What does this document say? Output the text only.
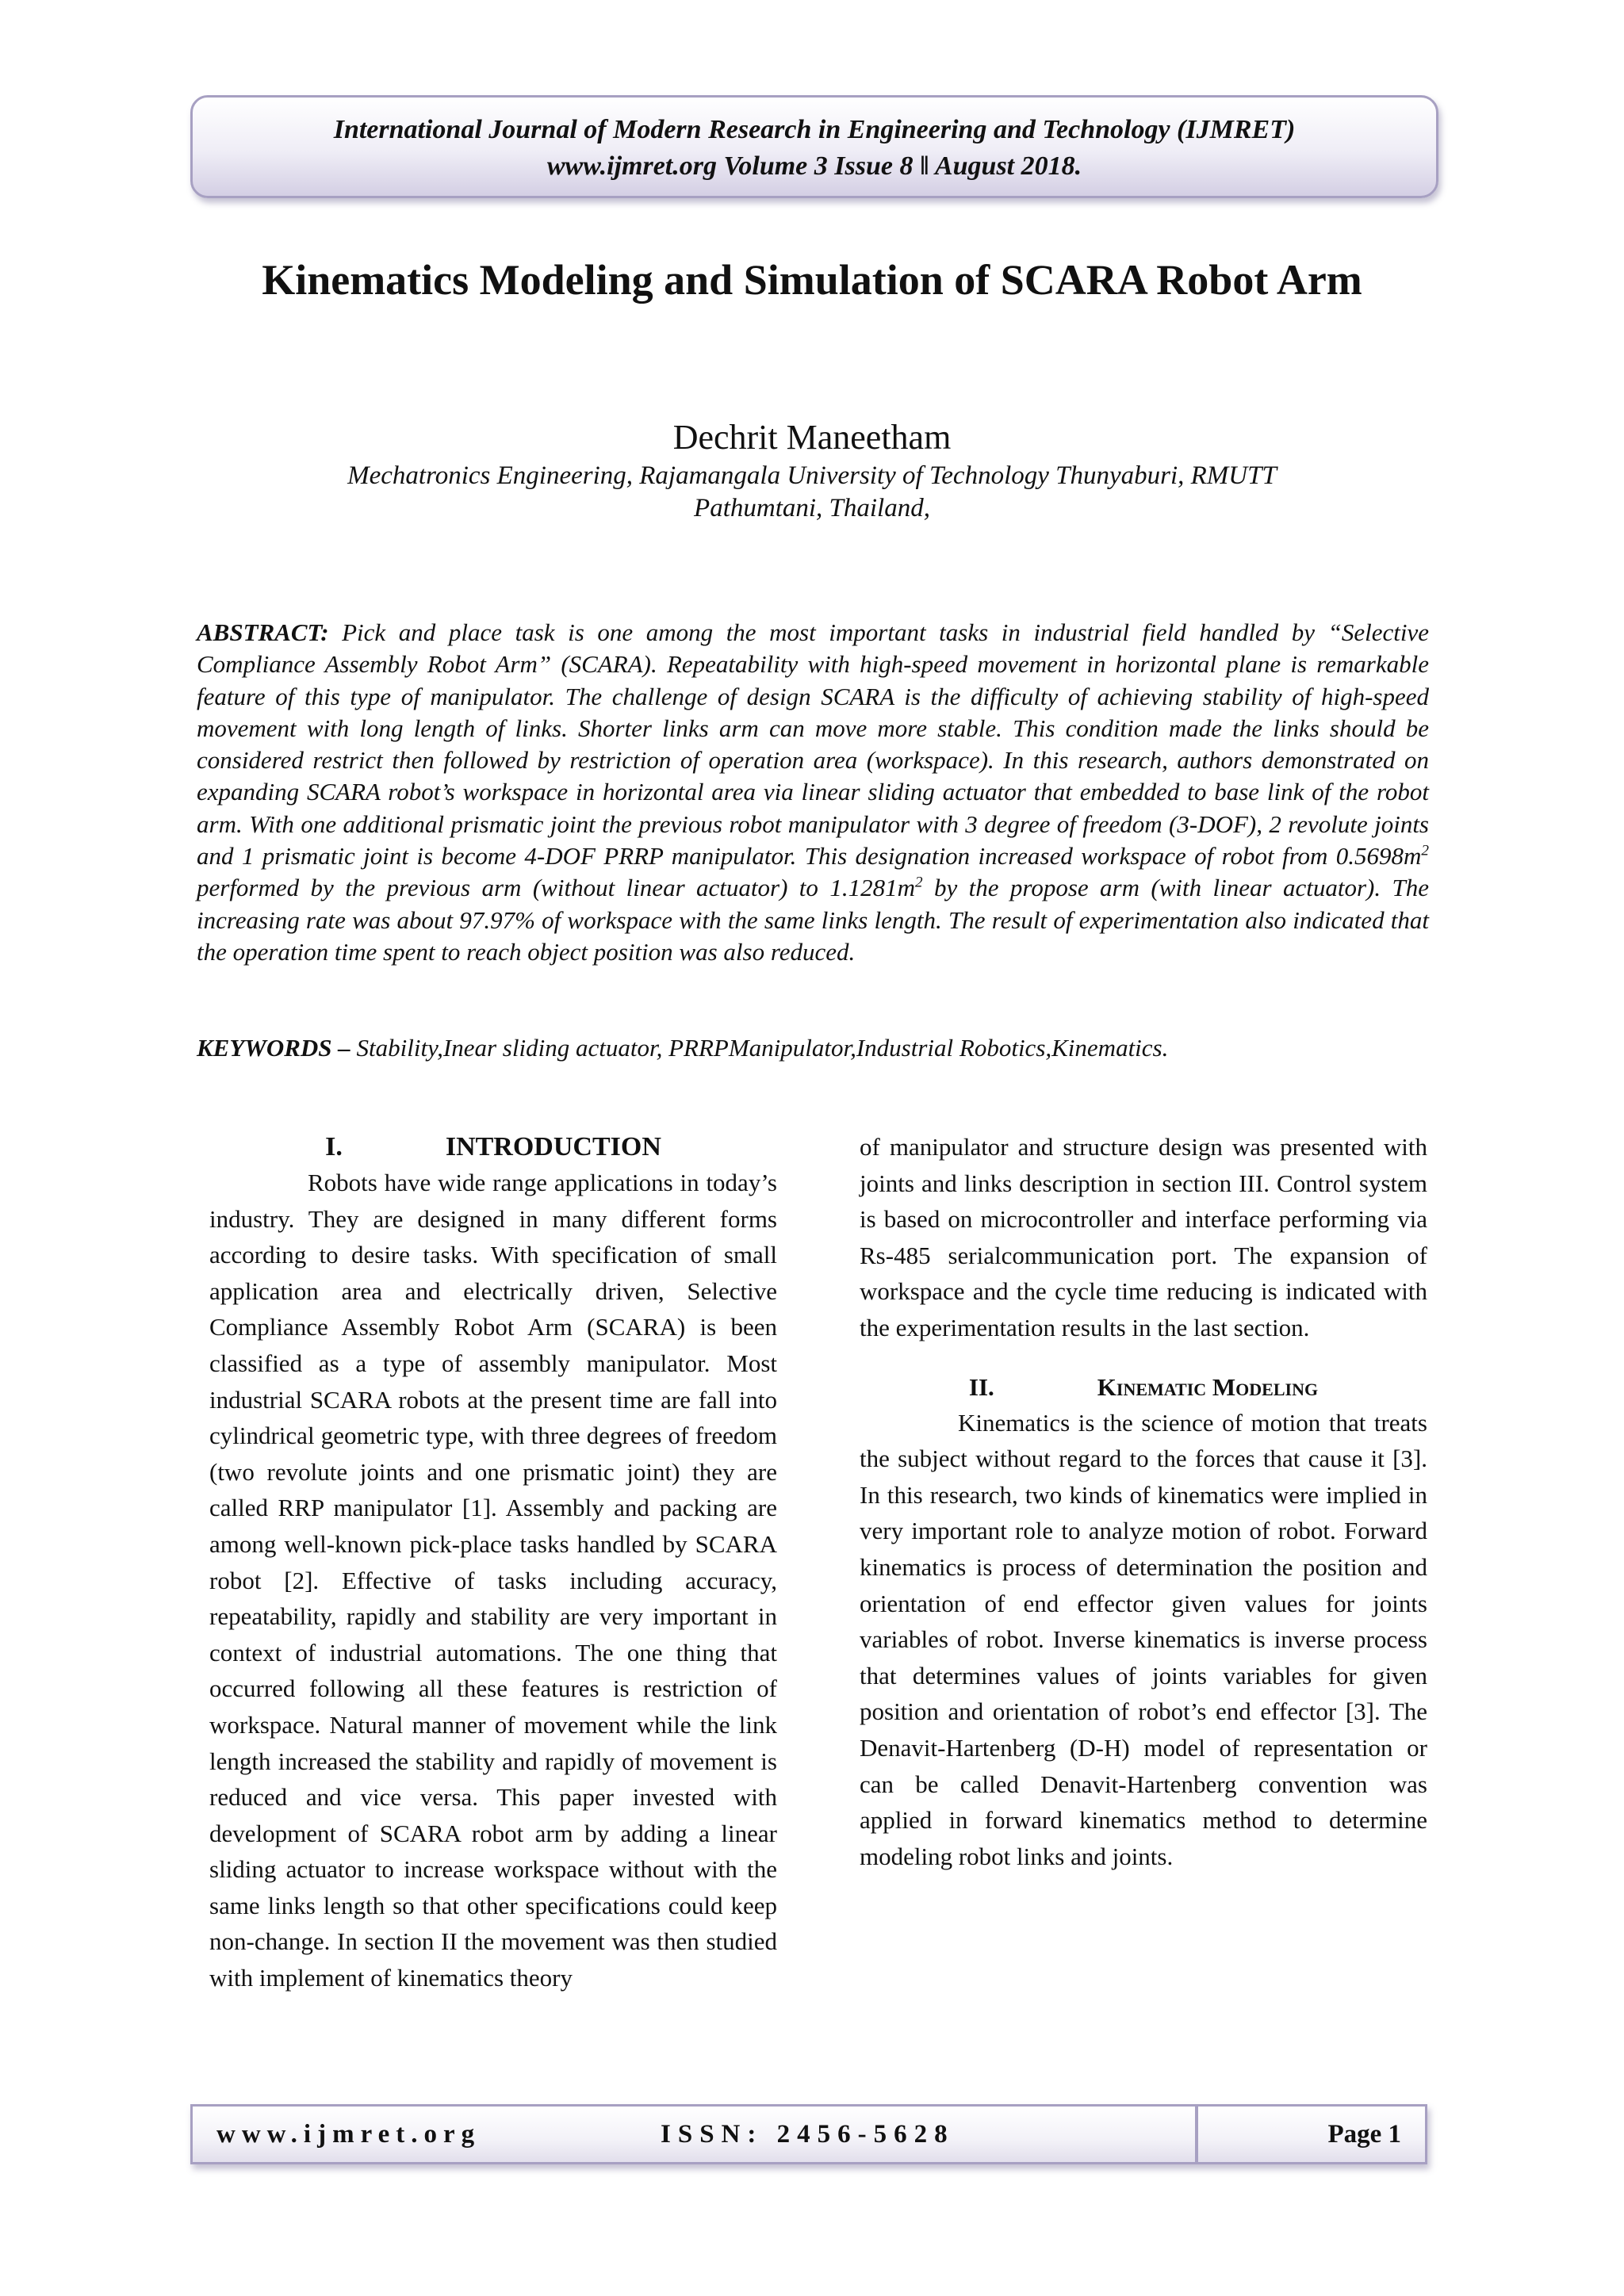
International Journal of Modern Research in Engineering and Technology (IJMRET)
www.ijmret.org Volume 3 Issue 8 ǁ August 2018.
Kinematics Modeling and Simulation of SCARA Robot Arm
Dechrit Maneetham
Mechatronics Engineering, Rajamangala University of Technology Thunyaburi, RMUTT
Pathumtani, Thailand,
ABSTRACT: Pick and place task is one among the most important tasks in industrial field handled by “Selective Compliance Assembly Robot Arm” (SCARA). Repeatability with high-speed movement in horizontal plane is remarkable feature of this type of manipulator. The challenge of design SCARA is the difficulty of achieving stability of high-speed movement with long length of links. Shorter links arm can move more stable. This condition made the links should be considered restrict then followed by restriction of operation area (workspace). In this research, authors demonstrated on expanding SCARA robot’s workspace in horizontal area via linear sliding actuator that embedded to base link of the robot arm. With one additional prismatic joint the previous robot manipulator with 3 degree of freedom (3-DOF), 2 revolute joints and 1 prismatic joint is become 4-DOF PRRP manipulator. This designation increased workspace of robot from $0.5698m^2$ performed by the previous arm (without linear actuator) to $1.1281m^2$ by the propose arm (with linear actuator). The increasing rate was about 97.97% of workspace with the same links length. The result of experimentation also indicated that the operation time spent to reach object position was also reduced.
KEYWORDS – Stability,Inear sliding actuator, PRRPManipulator,Industrial Robotics,Kinematics.
I.	INTRODUCTION

Robots have wide range applications in today’s industry. They are designed in many different forms according to desire tasks. With specification of small application area and electrically driven, Selective Compliance Assembly Robot Arm (SCARA) is been classified as a type of assembly manipulator. Most industrial SCARA robots at the present time are fall into cylindrical geometric type, with three degrees of freedom (two revolute joints and one prismatic joint) they are called RRP manipulator [1]. Assembly and packing are among well-known pick-place tasks handled by SCARA robot [2]. Effective of tasks including accuracy, repeatability, rapidly and stability are very important in context of industrial automations. The one thing that occurred following all these features is restriction of workspace. Natural manner of movement while the link length increased the stability and rapidly of movement is reduced and vice versa. This paper invested with development of SCARA robot arm by adding a linear sliding actuator to increase workspace without with the same links length so that other specifications could keep non-change. In section II the movement was then studied with implement of kinematics theory

of manipulator and structure design was presented with joints and links description in section III. Control system is based on microcontroller and interface performing via Rs-485 serialcommunication port. The expansion of workspace and the cycle time reducing is indicated with the experimentation results in the last section.

II.	Kinematic Modeling

Kinematics is the science of motion that treats the subject without regard to the forces that cause it [3]. In this research, two kinds of kinematics were implied in very important role to analyze motion of robot. Forward kinematics is process of determination the position and orientation of end effector given values for joints variables of robot. Inverse kinematics is inverse process that determines values of joints variables for given position and orientation of robot’s end effector [3]. The Denavit-Hartenberg (D-H) model of representation or can be called Denavit-Hartenberg convention was applied in forward kinematics method to determine modeling robot links and joints.

www.ijmret.org	ISSN: 2456-5628	Page 1
